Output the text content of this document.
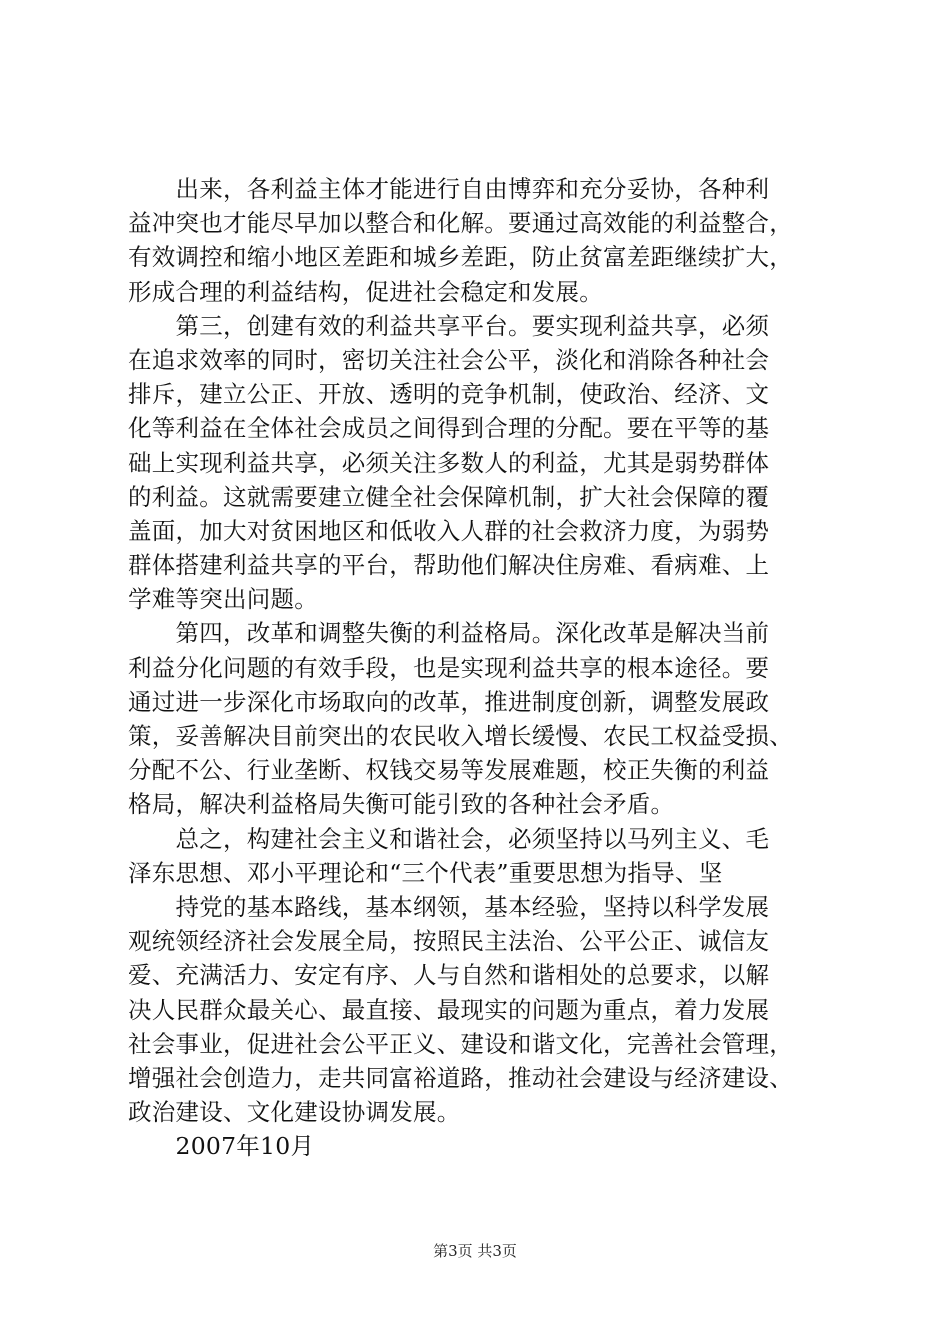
　　出来，各利益主体才能进行自由博弈和充分妥协，各种利
益冲突也才能尽早加以整合和化解。要通过高效能的利益整合，
有效调控和缩小地区差距和城乡差距，防止贫富差距继续扩大，
形成合理的利益结构，促进社会稳定和发展。
　　第三，创建有效的利益共享平台。要实现利益共享，必须
在追求效率的同时，密切关注社会公平，淡化和消除各种社会
排斥，建立公正、开放、透明的竞争机制，使政治、经济、文
化等利益在全体社会成员之间得到合理的分配。要在平等的基
础上实现利益共享，必须关注多数人的利益，尤其是弱势群体
的利益。这就需要建立健全社会保障机制，扩大社会保障的覆
盖面，加大对贫困地区和低收入人群的社会救济力度，为弱势
群体搭建利益共享的平台，帮助他们解决住房难、看病难、上
学难等突出问题。
　　第四，改革和调整失衡的利益格局。深化改革是解决当前
利益分化问题的有效手段，也是实现利益共享的根本途径。要
通过进一步深化市场取向的改革，推进制度创新，调整发展政
策，妥善解决目前突出的农民收入增长缓慢、农民工权益受损、
分配不公、行业垄断、权钱交易等发展难题，校正失衡的利益
格局，解决利益格局失衡可能引致的各种社会矛盾。
　　总之，构建社会主义和谐社会，必须坚持以马列主义、毛
泽东思想、邓小平理论和“三个代表”重要思想为指导、坚
　　持党的基本路线，基本纲领，基本经验，坚持以科学发展
观统领经济社会发展全局，按照民主法治、公平公正、诚信友
爱、充满活力、安定有序、人与自然和谐相处的总要求，以解
决人民群众最关心、最直接、最现实的问题为重点，着力发展
社会事业，促进社会公平正义、建设和谐文化，完善社会管理，
增强社会创造力，走共同富裕道路，推动社会建设与经济建设、
政治建设、文化建设协调发展。
　　2007年10月
第3页 共3页
